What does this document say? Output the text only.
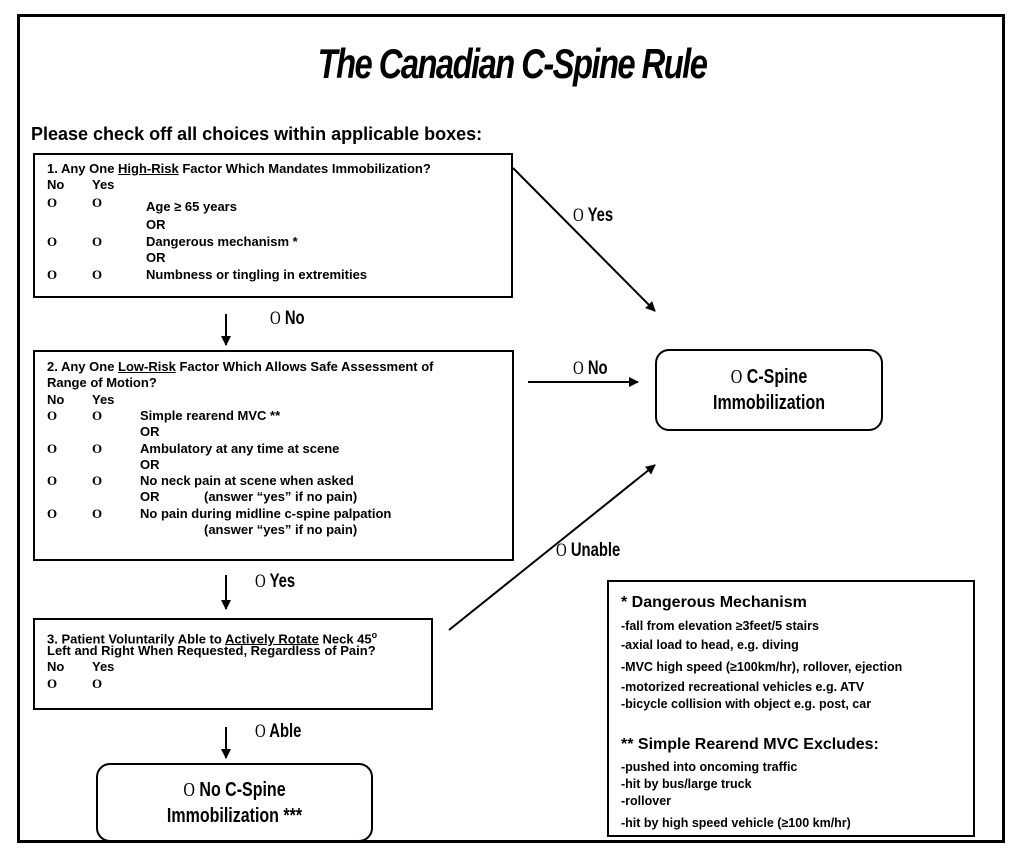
The Canadian C-Spine Rule
Please check off all choices within applicable boxes:
1. Any One High-Risk Factor Which Mandates Immobilization?
No Yes
O	O	Age ≥ 65 years
OR
O	O	Dangerous mechanism *
OR
O	O	Numbness or tingling in extremities
2. Any One Low-Risk Factor Which Allows Safe Assessment of
Range of Motion?
No Yes
O	O	Simple rearend MVC **
OR
O	O	Ambulatory at any time at scene
OR
O	O	No neck pain at scene when asked
OR	(answer “yes” if no pain)
O	O	No pain during midline c-spine palpation
(answer “yes” if no pain)
3. Patient Voluntarily Able to Actively Rotate Neck 45$^o$
Left and Right When Requested, Regardless of Pain?
No Yes
O	O
O C-Spine
Immobilization
O No C-Spine
Immobilization ***
O Yes
O No
O No
O Yes
O Unable
O Able
* Dangerous Mechanism
-fall from elevation ≥3feet/5 stairs
-axial load to head, e.g. diving
-MVC high speed (≥100km/hr), rollover, ejection
-motorized recreational vehicles e.g. ATV
-bicycle collision with object e.g. post, car
** Simple Rearend MVC Excludes:
-pushed into oncoming traffic
-hit by bus/large truck
-rollover
-hit by high speed vehicle (≥100 km/hr)
